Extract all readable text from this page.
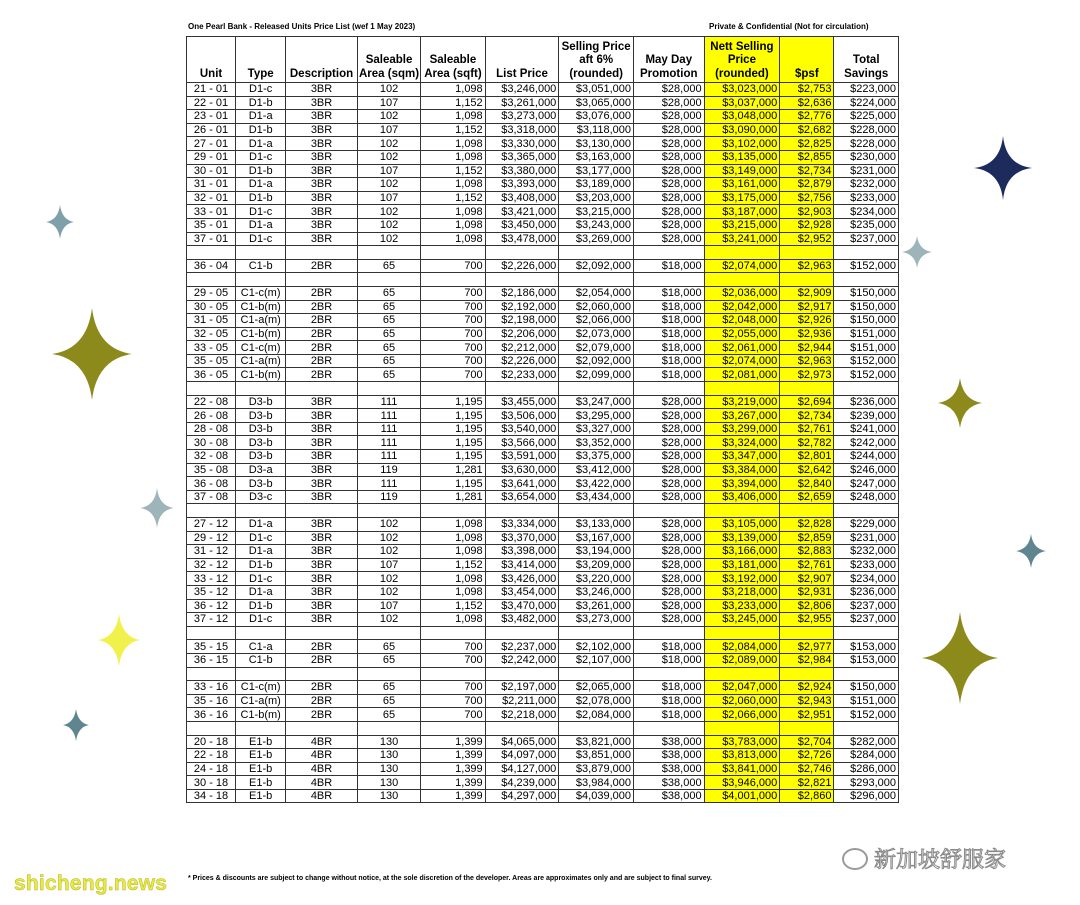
One Pearl Bank - Released Units Price List (wef 1 May 2023)	Private & Confidential (Not for circulation)
Unit	Type	Description	Saleable Area (sqm)	Saleable Area (sqft)	List Price	Selling Price aft 6% (rounded)	May Day Promotion	Nett Selling Price (rounded)	$psf	Total Savings
21 - 01	D1-c	3BR	102	1,098	$3,246,000	$3,051,000	$28,000	$3,023,000	$2,753	$223,000
22 - 01	D1-b	3BR	107	1,152	$3,261,000	$3,065,000	$28,000	$3,037,000	$2,636	$224,000
23 - 01	D1-a	3BR	102	1,098	$3,273,000	$3,076,000	$28,000	$3,048,000	$2,776	$225,000
26 - 01	D1-b	3BR	107	1,152	$3,318,000	$3,118,000	$28,000	$3,090,000	$2,682	$228,000
27 - 01	D1-a	3BR	102	1,098	$3,330,000	$3,130,000	$28,000	$3,102,000	$2,825	$228,000
29 - 01	D1-c	3BR	102	1,098	$3,365,000	$3,163,000	$28,000	$3,135,000	$2,855	$230,000
30 - 01	D1-b	3BR	107	1,152	$3,380,000	$3,177,000	$28,000	$3,149,000	$2,734	$231,000
31 - 01	D1-a	3BR	102	1,098	$3,393,000	$3,189,000	$28,000	$3,161,000	$2,879	$232,000
32 - 01	D1-b	3BR	107	1,152	$3,408,000	$3,203,000	$28,000	$3,175,000	$2,756	$233,000
33 - 01	D1-c	3BR	102	1,098	$3,421,000	$3,215,000	$28,000	$3,187,000	$2,903	$234,000
35 - 01	D1-a	3BR	102	1,098	$3,450,000	$3,243,000	$28,000	$3,215,000	$2,928	$235,000
37 - 01	D1-c	3BR	102	1,098	$3,478,000	$3,269,000	$28,000	$3,241,000	$2,952	$237,000

36 - 04	C1-b	2BR	65	700	$2,226,000	$2,092,000	$18,000	$2,074,000	$2,963	$152,000

29 - 05	C1-c(m)	2BR	65	700	$2,186,000	$2,054,000	$18,000	$2,036,000	$2,909	$150,000
30 - 05	C1-b(m)	2BR	65	700	$2,192,000	$2,060,000	$18,000	$2,042,000	$2,917	$150,000
31 - 05	C1-a(m)	2BR	65	700	$2,198,000	$2,066,000	$18,000	$2,048,000	$2,926	$150,000
32 - 05	C1-b(m)	2BR	65	700	$2,206,000	$2,073,000	$18,000	$2,055,000	$2,936	$151,000
33 - 05	C1-c(m)	2BR	65	700	$2,212,000	$2,079,000	$18,000	$2,061,000	$2,944	$151,000
35 - 05	C1-a(m)	2BR	65	700	$2,226,000	$2,092,000	$18,000	$2,074,000	$2,963	$152,000
36 - 05	C1-b(m)	2BR	65	700	$2,233,000	$2,099,000	$18,000	$2,081,000	$2,973	$152,000

22 - 08	D3-b	3BR	111	1,195	$3,455,000	$3,247,000	$28,000	$3,219,000	$2,694	$236,000
26 - 08	D3-b	3BR	111	1,195	$3,506,000	$3,295,000	$28,000	$3,267,000	$2,734	$239,000
28 - 08	D3-b	3BR	111	1,195	$3,540,000	$3,327,000	$28,000	$3,299,000	$2,761	$241,000
30 - 08	D3-b	3BR	111	1,195	$3,566,000	$3,352,000	$28,000	$3,324,000	$2,782	$242,000
32 - 08	D3-b	3BR	111	1,195	$3,591,000	$3,375,000	$28,000	$3,347,000	$2,801	$244,000
35 - 08	D3-a	3BR	119	1,281	$3,630,000	$3,412,000	$28,000	$3,384,000	$2,642	$246,000
36 - 08	D3-b	3BR	111	1,195	$3,641,000	$3,422,000	$28,000	$3,394,000	$2,840	$247,000
37 - 08	D3-c	3BR	119	1,281	$3,654,000	$3,434,000	$28,000	$3,406,000	$2,659	$248,000

27 - 12	D1-a	3BR	102	1,098	$3,334,000	$3,133,000	$28,000	$3,105,000	$2,828	$229,000
29 - 12	D1-c	3BR	102	1,098	$3,370,000	$3,167,000	$28,000	$3,139,000	$2,859	$231,000
31 - 12	D1-a	3BR	102	1,098	$3,398,000	$3,194,000	$28,000	$3,166,000	$2,883	$232,000
32 - 12	D1-b	3BR	107	1,152	$3,414,000	$3,209,000	$28,000	$3,181,000	$2,761	$233,000
33 - 12	D1-c	3BR	102	1,098	$3,426,000	$3,220,000	$28,000	$3,192,000	$2,907	$234,000
35 - 12	D1-a	3BR	102	1,098	$3,454,000	$3,246,000	$28,000	$3,218,000	$2,931	$236,000
36 - 12	D1-b	3BR	107	1,152	$3,470,000	$3,261,000	$28,000	$3,233,000	$2,806	$237,000
37 - 12	D1-c	3BR	102	1,098	$3,482,000	$3,273,000	$28,000	$3,245,000	$2,955	$237,000

35 - 15	C1-a	2BR	65	700	$2,237,000	$2,102,000	$18,000	$2,084,000	$2,977	$153,000
36 - 15	C1-b	2BR	65	700	$2,242,000	$2,107,000	$18,000	$2,089,000	$2,984	$153,000

33 - 16	C1-c(m)	2BR	65	700	$2,197,000	$2,065,000	$18,000	$2,047,000	$2,924	$150,000
35 - 16	C1-a(m)	2BR	65	700	$2,211,000	$2,078,000	$18,000	$2,060,000	$2,943	$151,000
36 - 16	C1-b(m)	2BR	65	700	$2,218,000	$2,084,000	$18,000	$2,066,000	$2,951	$152,000

20 - 18	E1-b	4BR	130	1,399	$4,065,000	$3,821,000	$38,000	$3,783,000	$2,704	$282,000
22 - 18	E1-b	4BR	130	1,399	$4,097,000	$3,851,000	$38,000	$3,813,000	$2,726	$284,000
24 - 18	E1-b	4BR	130	1,399	$4,127,000	$3,879,000	$38,000	$3,841,000	$2,746	$286,000
30 - 18	E1-b	4BR	130	1,399	$4,239,000	$3,984,000	$38,000	$3,946,000	$2,821	$293,000
34 - 18	E1-b	4BR	130	1,399	$4,297,000	$4,039,000	$38,000	$4,001,000	$2,860	$296,000
* Prices & discounts are subject to change without notice, at the sole discretion of the developer. Areas are approximates only and are subject to final survey.
shicheng.news
新加坡舒服家
